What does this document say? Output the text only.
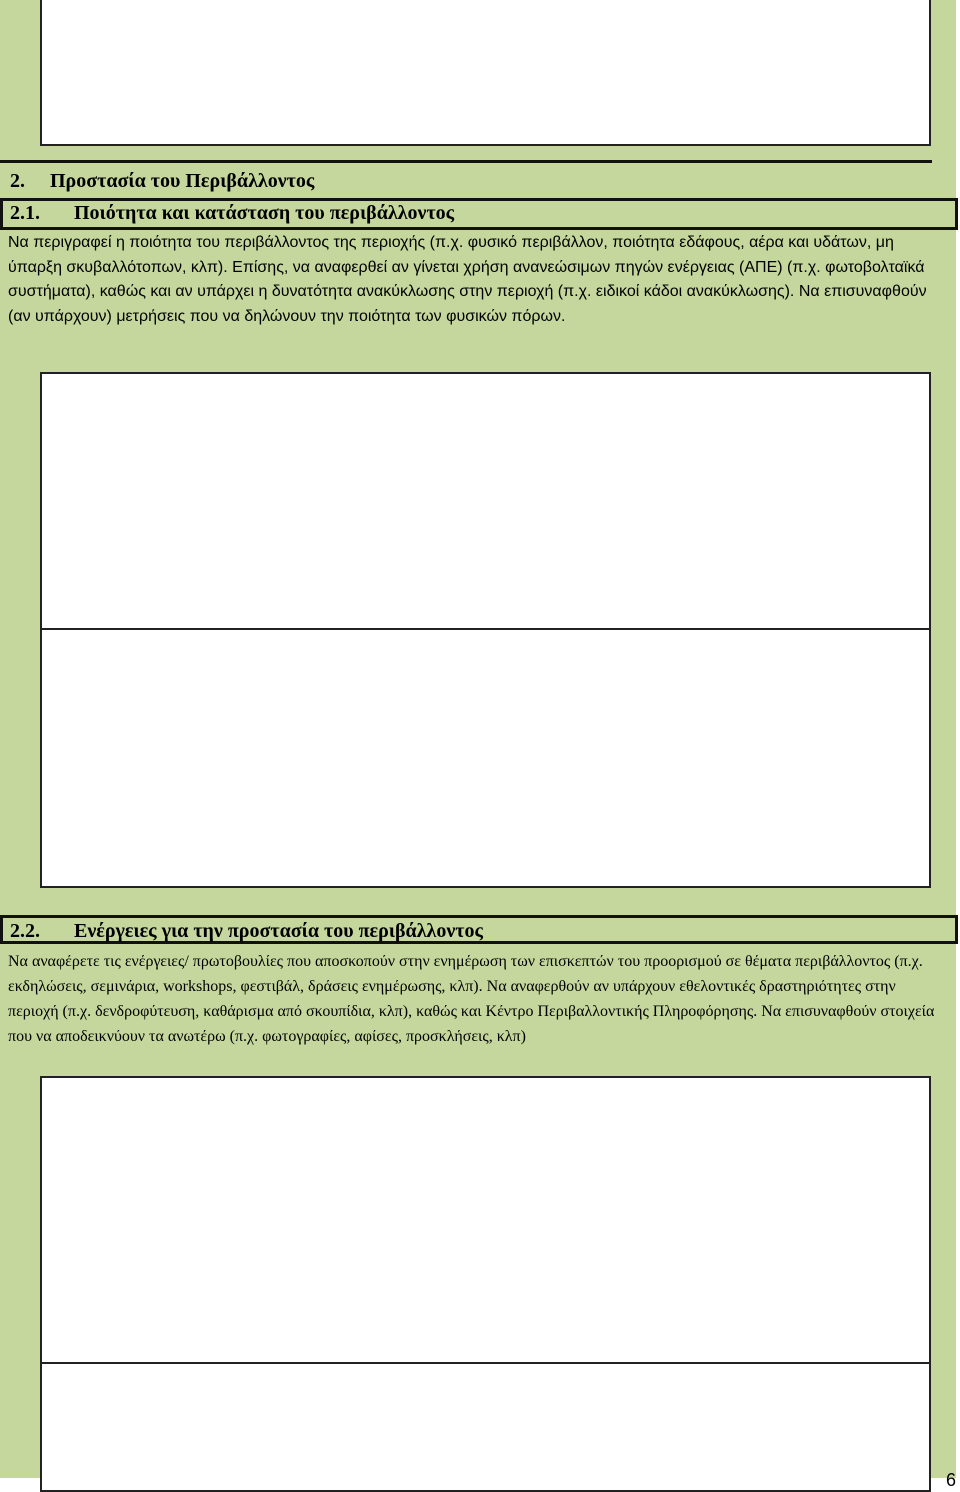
2. Προστασία του Περιβάλλοντος
2.1. Ποιότητα και κατάσταση του περιβάλλοντος

Να περιγραφεί η ποιότητα του περιβάλλοντος της περιοχής (π.χ. φυσικό περιβάλλον, ποιότητα εδάφους, αέρα και υδάτων, μη ύπαρξη σκυβαλλότοπων, κλπ). Επίσης, να αναφερθεί αν γίνεται χρήση ανανεώσιμων πηγών ενέργειας (ΑΠΕ) (π.χ. φωτοβολταϊκά συστήματα), καθώς και αν υπάρχει η δυνατότητα ανακύκλωσης στην περιοχή (π.χ. ειδικοί κάδοι ανακύκλωσης). Να επισυναφθούν (αν υπάρχουν) μετρήσεις που να δηλώνουν την ποιότητα των φυσικών πόρων.

2.2. Ενέργειες για την προστασία του περιβάλλοντος

Να αναφέρετε τις ενέργειες/ πρωτοβουλίες που αποσκοπούν στην ενημέρωση των επισκεπτών του προορισμού σε θέματα περιβάλλοντος (π.χ. εκδηλώσεις, σεμινάρια, workshops, φεστιβάλ, δράσεις ενημέρωσης, κλπ). Να αναφερθούν αν υπάρχουν εθελοντικές δραστηριότητες στην περιοχή (π.χ. δενδροφύτευση, καθάρισμα από σκουπίδια, κλπ), καθώς και Κέντρο Περιβαλλοντικής Πληροφόρησης. Να επισυναφθούν στοιχεία που να αποδεικνύουν τα ανωτέρω (π.χ. φωτογραφίες, αφίσες, προσκλήσεις, κλπ)

6
